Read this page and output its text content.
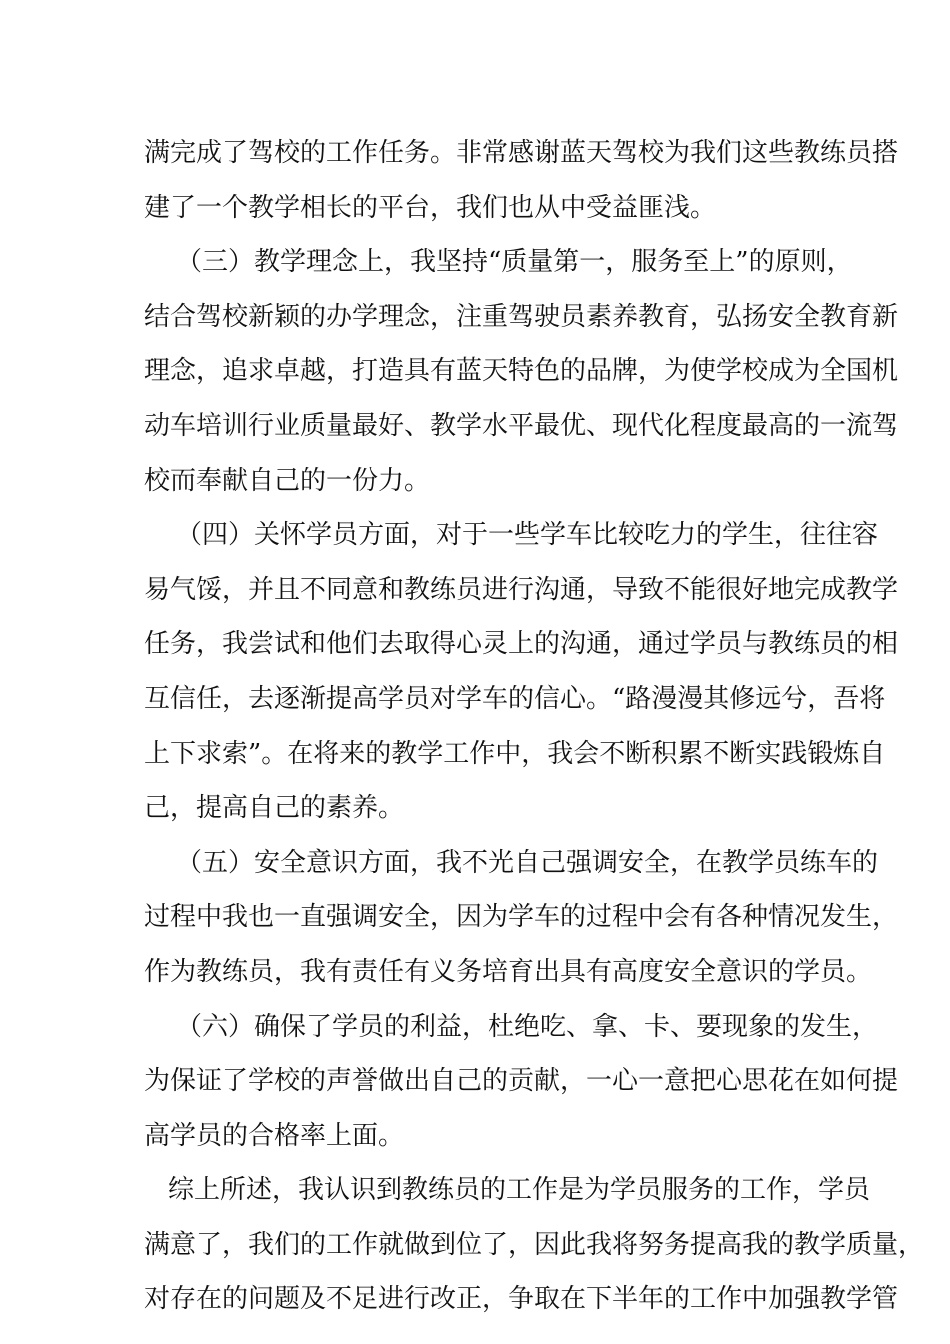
满完成了驾校的工作任务。非常感谢蓝天驾校为我们这些教练员搭
建了一个教学相长的平台，我们也从中受益匪浅。
（三）教学理念上，我坚持“质量第一，服务至上”的原则，
结合驾校新颖的办学理念，注重驾驶员素养教育，弘扬安全教育新
理念，追求卓越，打造具有蓝天特色的品牌，为使学校成为全国机
动车培训行业质量最好、教学水平最优、现代化程度最高的一流驾
校而奉献自己的一份力。
（四）关怀学员方面，对于一些学车比较吃力的学生，往往容
易气馁，并且不同意和教练员进行沟通，导致不能很好地完成教学
任务，我尝试和他们去取得心灵上的沟通，通过学员与教练员的相
互信任，去逐渐提高学员对学车的信心。“路漫漫其修远兮，吾将
上下求索”。在将来的教学工作中，我会不断积累不断实践锻炼自
己，提高自己的素养。
（五）安全意识方面，我不光自己强调安全，在教学员练车的
过程中我也一直强调安全，因为学车的过程中会有各种情况发生，
作为教练员，我有责任有义务培育出具有高度安全意识的学员。
（六）确保了学员的利益，杜绝吃、拿、卡、要现象的发生，
为保证了学校的声誉做出自己的贡献，一心一意把心思花在如何提
高学员的合格率上面。
综上所述，我认识到教练员的工作是为学员服务的工作，学员
满意了，我们的工作就做到位了，因此我将努务提高我的教学质量，
对存在的问题及不足进行改正，争取在下半年的工作中加强教学管
